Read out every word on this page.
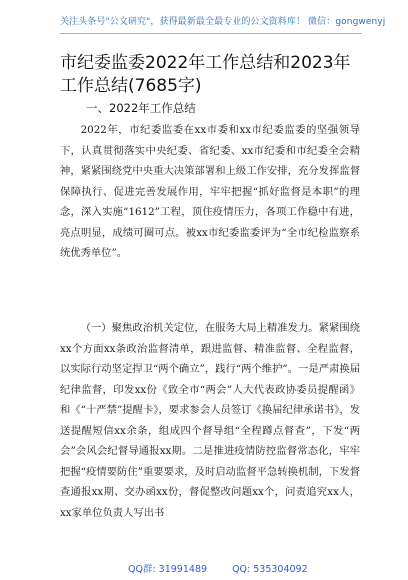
关注头条号"公文研究"，获得最新最全最专业的公文资料库！ 微信：gongwenyj
市纪委监委2022年工作总结和2023年工作总结(7685字)
一、2022年工作总结

2022年，市纪委监委在xx市委和xx市纪委监委的坚强领导下，认真贯彻落实中央纪委、省纪委、xx市纪委和市纪委全会精神，紧紧围绕党中央重大决策部署和上级工作安排，充分发挥监督保障执行、促进完善发展作用，牢牢把握“抓好监督是本职”的理念，深入实施“1612”工程，顶住疫情压力，各项工作稳中有进，亮点明显，成绩可圈可点。被xx市纪委监委评为“全市纪检监察系统优秀单位”。

（一）聚焦政治机关定位，在服务大局上精准发力。紧紧围绕xx个方面xx条政治监督清单，跟进监督、精准监督、全程监督，以实际行动坚定捍卫“两个确立”，践行“两个维护”。一是严肃换届纪律监督，印发xx份《致全市“两会”人大代表政协委员提醒函》和《“十严禁”提醒卡》，要求参会人员签订《换届纪律承诺书》，发送提醒短信xx余条，组成四个督导组“全程蹲点督查”，下发“两会”会风会纪督导通报xx期。二是推进疫情防控监督常态化，牢牢把握“疫情要防住”重要要求，及时启动监督平急转换机制，下发督查通报xx期、交办函xx份，督促整改问题xx个，问责追究xx人，xx家单位负责人写出书

QQ群: 31991489	QQ: 535304092
